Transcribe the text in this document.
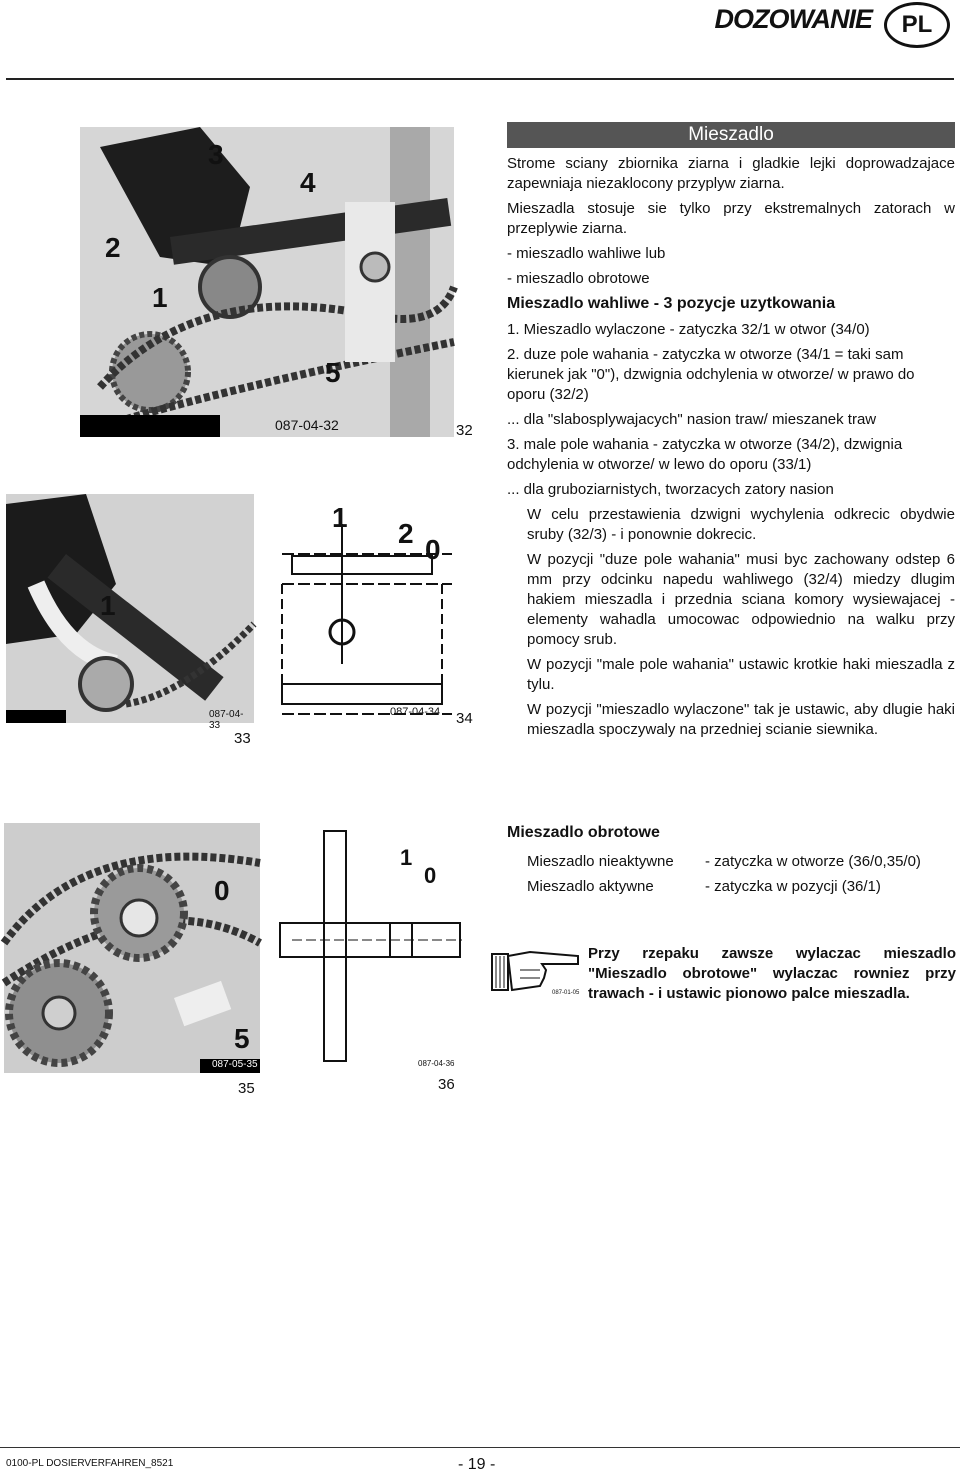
DOZOWANIE	PL
3
4
2
1
5
087-04-32	32
1
087-04-33
33
1
2
0
087-04-34 34
Mieszadlo

Strome sciany zbiornika ziarna i gladkie lejki doprowadzajace zapewniaja niezaklocony przyplyw ziarna.

Mieszadla stosuje sie tylko przy ekstremalnych zatorach w przeplywie ziarna.

- mieszadlo wahliwe lub

- mieszadlo obrotowe

Mieszadlo wahliwe - 3 pozycje uzytkowania

1. Mieszadlo wylaczone - zatyczka 32/1 w otwor (34/0)

2. duze pole wahania - zatyczka w otworze (34/1 = taki sam kierunek jak "0"), dzwignia odchylenia w otworze/ w prawo do oporu (32/2)

... dla "slabosplywajacych" nasion traw/ mieszanek traw

3. male pole wahania - zatyczka w otworze (34/2), dzwignia odchylenia w otworze/ w lewo do oporu (33/1)

... dla gruboziarnistych, tworzacych zatory nasion

W celu przestawienia dzwigni wychylenia odkrecic obydwie sruby (32/3) - i ponownie dokrecic.

W pozycji "duze pole wahania" musi byc zachowany odstep 6 mm przy odcinku napedu wahliwego (32/4) miedzy dlugim hakiem mieszadla i przednia sciana komory wysiewajacej - elementy wahadla umocowac odpowiednio na walku przy pomocy srub.

W pozycji "male pole wahania" ustawic krotkie haki mieszadla z tylu.

W pozycji "mieszadlo wylaczone" tak je ustawic, aby dlugie haki mieszadla spoczywaly na przedniej scianie siewnika.

0
5
087-05-35
35
1
0
087-04-36
36
Mieszadlo obrotowe
Mieszadlo nieaktywne	- zatyczka w otworze (36/0,35/0)
Mieszadlo aktywne	- zatyczka w pozycji (36/1)
087-01-05
Przy rzepaku zawsze wylaczac mieszadlo "Mieszadlo obrotowe" wylaczac rowniez przy trawach - i ustawic pionowo palce mieszadla.
0100-PL DOSIERVERFAHREN_8521	- 19 -
